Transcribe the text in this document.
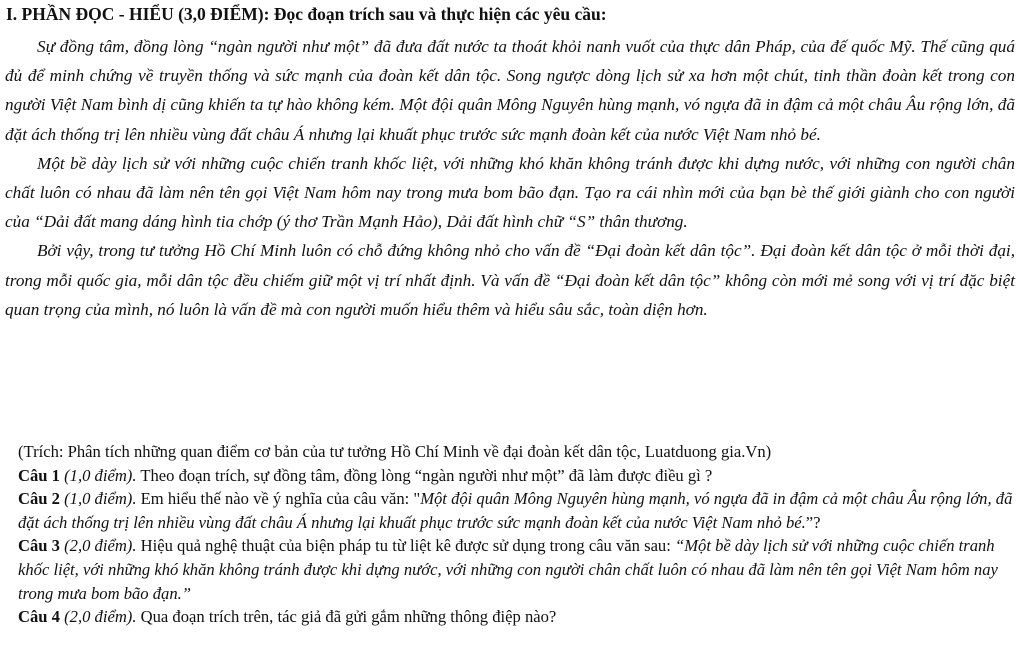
I. PHẦN ĐỌC - HIỂU (3,0 ĐIỂM): Đọc đoạn trích sau và thực hiện các yêu cầu:

Sự đồng tâm, đồng lòng “ngàn người như một” đã đưa đất nước ta thoát khỏi nanh vuốt của thực dân Pháp, của đế quốc Mỹ. Thế cũng quá đủ để minh chứng về truyền thống và sức mạnh của đoàn kết dân tộc. Song ngược dòng lịch sử xa hơn một chút, tinh thần đoàn kết trong con người Việt Nam bình dị cũng khiến ta tự hào không kém. Một đội quân Mông Nguyên hùng mạnh, vó ngựa đã in đậm cả một châu Âu rộng lớn, đã đặt ách thống trị lên nhiều vùng đất châu Á nhưng lại khuất phục trước sức mạnh đoàn kết của nước Việt Nam nhỏ bé.

Một bề dày lịch sử với những cuộc chiến tranh khốc liệt, với những khó khăn không tránh được khi dựng nước, với những con người chân chất luôn có nhau đã làm nên tên gọi Việt Nam hôm nay trong mưa bom bão đạn. Tạo ra cái nhìn mới của bạn bè thế giới giành cho con người của “Dải đất mang dáng hình tia chớp (ý thơ Trần Mạnh Hảo), Dải đất hình chữ “S” thân thương.

Bởi vậy, trong tư tưởng Hồ Chí Minh luôn có chỗ đứng không nhỏ cho vấn đề “Đại đoàn kết dân tộc”. Đại đoàn kết dân tộc ở mỗi thời đại, trong mỗi quốc gia, mỗi dân tộc đều chiếm giữ một vị trí nhất định. Và vấn đề “Đại đoàn kết dân tộc” không còn mới mẻ song với vị trí đặc biệt quan trọng của mình, nó luôn là vấn đề mà con người muốn hiểu thêm và hiểu sâu sắc, toàn diện hơn.

(Trích: Phân tích những quan điểm cơ bản của tư tưởng Hồ Chí Minh về đại đoàn kết dân tộc, Luatduong gia.Vn)
Câu 1 (1,0 điểm). Theo đoạn trích, sự đồng tâm, đồng lòng “ngàn người như một” đã làm được điều gì ?
Câu 2 (1,0 điểm). Em hiểu thế nào về ý nghĩa của câu văn: "Một đội quân Mông Nguyên hùng mạnh, vó ngựa đã in đậm cả một châu Âu rộng lớn, đã đặt ách thống trị lên nhiều vùng đất châu Á nhưng lại khuất phục trước sức mạnh đoàn kết của nước Việt Nam nhỏ bé.”?
Câu 3 (2,0 điểm). Hiệu quả nghệ thuật của biện pháp tu từ liệt kê được sử dụng trong câu văn sau: “Một bề dày lịch sử với những cuộc chiến tranh khốc liệt, với những khó khăn không tránh được khi dựng nước, với những con người chân chất luôn có nhau đã làm nên tên gọi Việt Nam hôm nay trong mưa bom bão đạn.”
Câu 4 (2,0 điểm). Qua đoạn trích trên, tác giả đã gửi gắm những thông điệp nào?
